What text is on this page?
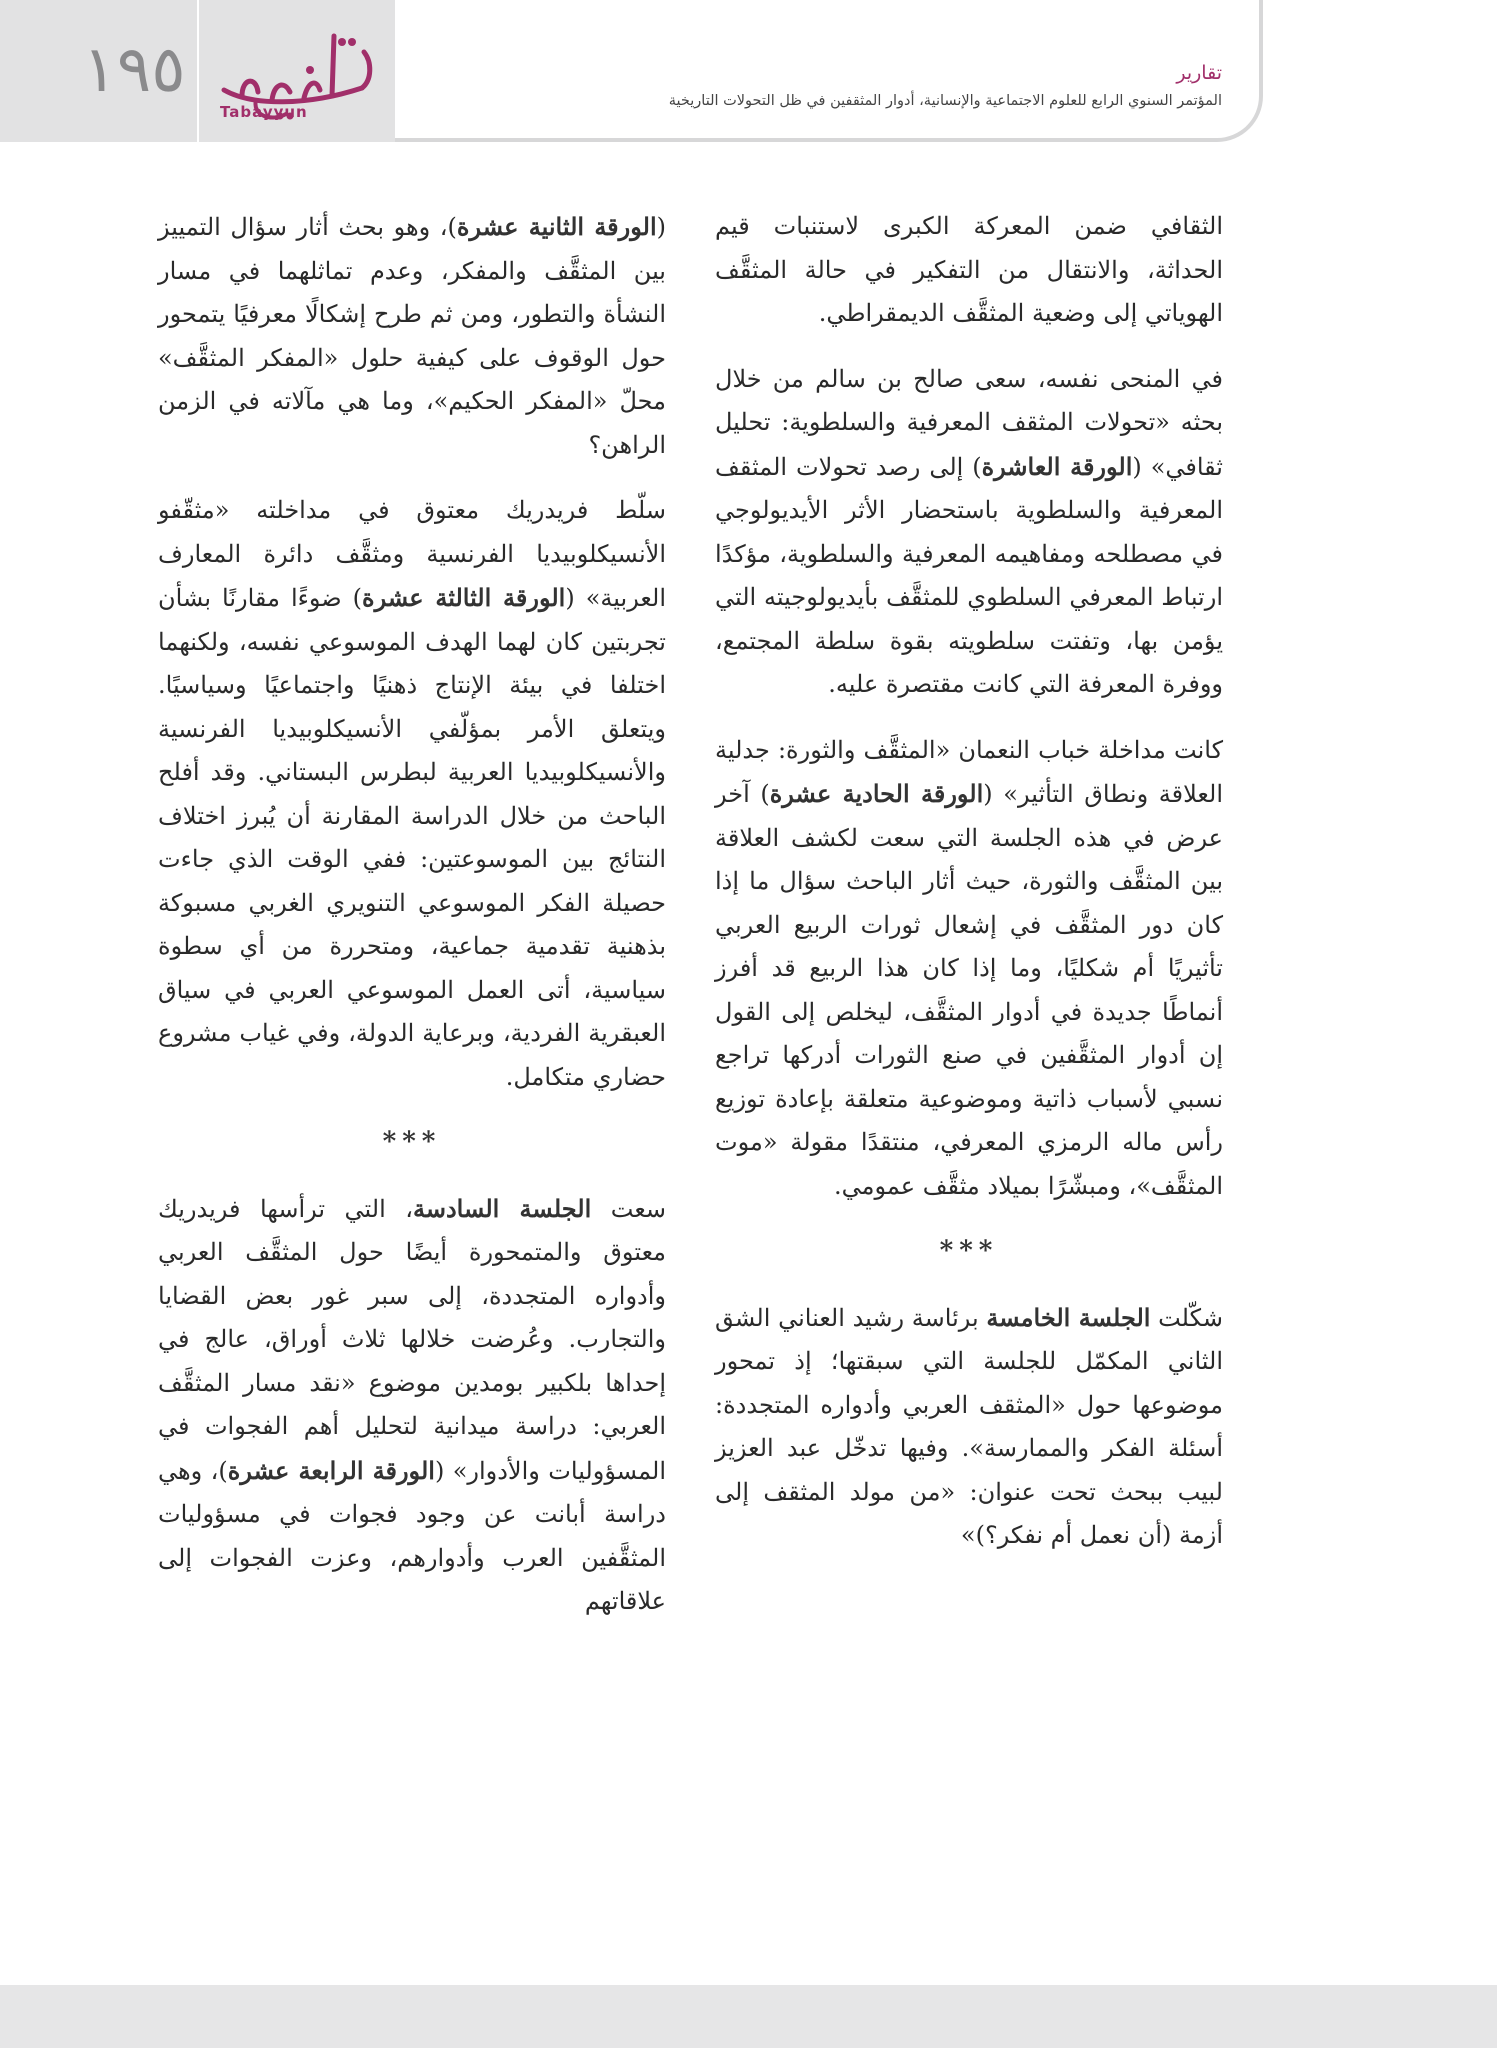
١٩٥
Tabayyun
تقارير
المؤتمر السنوي الرابع للعلوم الاجتماعية والإنسانية، أدوار المثقفين في ظل التحولات التاريخية

الثقافي ضمن المعركة الكبرى لاستنبات قيم الحداثة، والانتقال من التفكير في حالة المثقَّف الهوياتي إلى وضعية المثقَّف الديمقراطي.

في المنحى نفسه، سعى صالح بن سالم من خلال بحثه «تحولات المثقف المعرفية والسلطوية: تحليل ثقافي» (الورقة العاشرة) إلى رصد تحولات المثقف المعرفية والسلطوية باستحضار الأثر الأيديولوجي في مصطلحه ومفاهيمه المعرفية والسلطوية، مؤكدًا ارتباط المعرفي السلطوي للمثقَّف بأيديولوجيته التي يؤمن بها، وتفتت سلطويته بقوة سلطة المجتمع، ووفرة المعرفة التي كانت مقتصرة عليه.

كانت مداخلة خباب النعمان «المثقَّف والثورة: جدلية العلاقة ونطاق التأثير» (الورقة الحادية عشرة) آخر عرض في هذه الجلسة التي سعت لكشف العلاقة بين المثقَّف والثورة، حيث أثار الباحث سؤال ما إذا كان دور المثقَّف في إشعال ثورات الربيع العربي تأثيريًا أم شكليًا، وما إذا كان هذا الربيع قد أفرز أنماطًا جديدة في أدوار المثقَّف، ليخلص إلى القول إن أدوار المثقَّفين في صنع الثورات أدركها تراجع نسبي لأسباب ذاتية وموضوعية متعلقة بإعادة توزيع رأس ماله الرمزي المعرفي، منتقدًا مقولة «موت المثقَّف»، ومبشّرًا بميلاد مثقَّف عمومي.

***

شكّلت الجلسة الخامسة برئاسة رشيد العناني الشق الثاني المكمّل للجلسة التي سبقتها؛ إذ تمحور موضوعها حول «المثقف العربي وأدواره المتجددة: أسئلة الفكر والممارسة». وفيها تدخّل عبد العزيز لبيب ببحث تحت عنوان: «من مولد المثقف إلى أزمة (أن نعمل أم نفكر؟)»

(الورقة الثانية عشرة)، وهو بحث أثار سؤال التمييز بين المثقَّف والمفكر، وعدم تماثلهما في مسار النشأة والتطور، ومن ثم طرح إشكالًا معرفيًا يتمحور حول الوقوف على كيفية حلول «المفكر المثقَّف» محلّ «المفكر الحكيم»، وما هي مآلاته في الزمن الراهن؟

سلّط فريدريك معتوق في مداخلته «مثقّفو الأنسيكلوبيديا الفرنسية ومثقَّف دائرة المعارف العربية» (الورقة الثالثة عشرة) ضوءًا مقارنًا بشأن تجربتين كان لهما الهدف الموسوعي نفسه، ولكنهما اختلفا في بيئة الإنتاج ذهنيًا واجتماعيًا وسياسيًا. ويتعلق الأمر بمؤلّفي الأنسيكلوبيديا الفرنسية والأنسيكلوبيديا العربية لبطرس البستاني. وقد أفلح الباحث من خلال الدراسة المقارنة أن يُبرز اختلاف النتائج بين الموسوعتين: ففي الوقت الذي جاءت حصيلة الفكر الموسوعي التنويري الغربي مسبوكة بذهنية تقدمية جماعية، ومتحررة من أي سطوة سياسية، أتى العمل الموسوعي العربي في سياق العبقرية الفردية، وبرعاية الدولة، وفي غياب مشروع حضاري متكامل.

***

سعت الجلسة السادسة، التي ترأسها فريدريك معتوق والمتمحورة أيضًا حول المثقَّف العربي وأدواره المتجددة، إلى سبر غور بعض القضايا والتجارب. وعُرضت خلالها ثلاث أوراق، عالج في إحداها بلكبير بومدين موضوع «نقد مسار المثقَّف العربي: دراسة ميدانية لتحليل أهم الفجوات في المسؤوليات والأدوار» (الورقة الرابعة عشرة)، وهي دراسة أبانت عن وجود فجوات في مسؤوليات المثقَّفين العرب وأدوارهم، وعزت الفجوات إلى علاقاتهم
